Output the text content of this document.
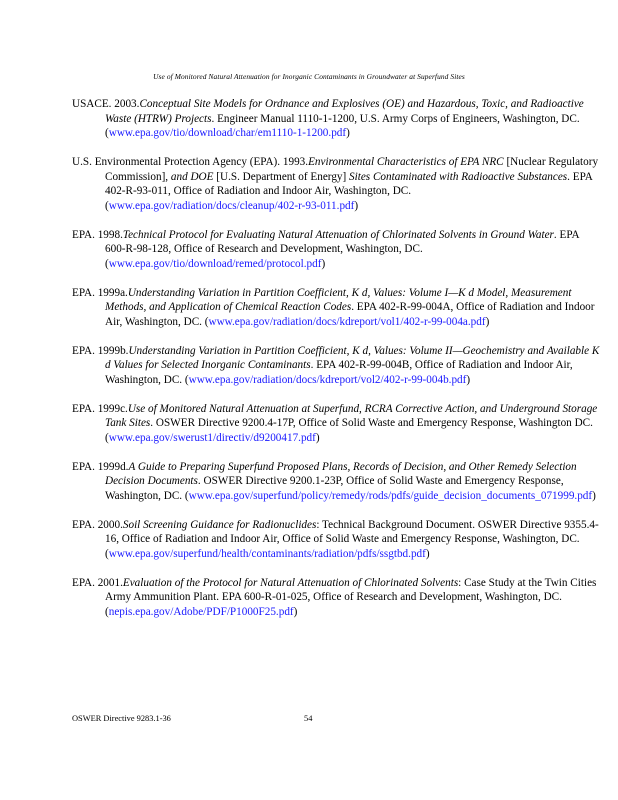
Use of Monitored Natural Attenuation for Inorganic Contaminants in Groundwater at Superfund Sites
USACE. 2003.Conceptual Site Models for Ordnance and Explosives (OE) and Hazardous, Toxic, and Radioactive Waste (HTRW) Projects. Engineer Manual 1110-1-1200, U.S. Army Corps of Engineers, Washington, DC. (www.epa.gov/tio/download/char/em1110-1-1200.pdf)
U.S. Environmental Protection Agency (EPA). 1993.Environmental Characteristics of EPA NRC [Nuclear Regulatory Commission], and DOE [U.S. Department of Energy] Sites Contaminated with Radioactive Substances. EPA 402-R-93-011, Office of Radiation and Indoor Air, Washington, DC. (www.epa.gov/radiation/docs/cleanup/402-r-93-011.pdf)
EPA. 1998.Technical Protocol for Evaluating Natural Attenuation of Chlorinated Solvents in Ground Water. EPA 600-R-98-128, Office of Research and Development, Washington, DC. (www.epa.gov/tio/download/remed/protocol.pdf)
EPA. 1999a.Understanding Variation in Partition Coefficient, K d, Values: Volume I—K d Model, Measurement Methods, and Application of Chemical Reaction Codes. EPA 402-R-99-004A, Office of Radiation and Indoor Air, Washington, DC. (www.epa.gov/radiation/docs/kdreport/vol1/402-r-99-004a.pdf)
EPA. 1999b.Understanding Variation in Partition Coefficient, K d, Values: Volume II—Geochemistry and Available K d Values for Selected Inorganic Contaminants. EPA 402-R-99-004B, Office of Radiation and Indoor Air, Washington, DC. (www.epa.gov/radiation/docs/kdreport/vol2/402-r-99-004b.pdf)
EPA. 1999c.Use of Monitored Natural Attenuation at Superfund, RCRA Corrective Action, and Underground Storage Tank Sites. OSWER Directive 9200.4-17P, Office of Solid Waste and Emergency Response, Washington DC. (www.epa.gov/swerust1/directiv/d9200417.pdf)
EPA. 1999d.A Guide to Preparing Superfund Proposed Plans, Records of Decision, and Other Remedy Selection Decision Documents. OSWER Directive 9200.1-23P, Office of Solid Waste and Emergency Response, Washington, DC. (www.epa.gov/superfund/policy/remedy/rods/pdfs/guide_decision_documents_071999.pdf)
EPA. 2000.Soil Screening Guidance for Radionuclides: Technical Background Document. OSWER Directive 9355.4-16, Office of Radiation and Indoor Air, Office of Solid Waste and Emergency Response, Washington, DC. (www.epa.gov/superfund/health/contaminants/radiation/pdfs/ssgtbd.pdf)
EPA. 2001.Evaluation of the Protocol for Natural Attenuation of Chlorinated Solvents: Case Study at the Twin Cities Army Ammunition Plant. EPA 600-R-01-025, Office of Research and Development, Washington, DC. (nepis.epa.gov/Adobe/PDF/P1000F25.pdf)
OSWER Directive 9283.1-36	54
